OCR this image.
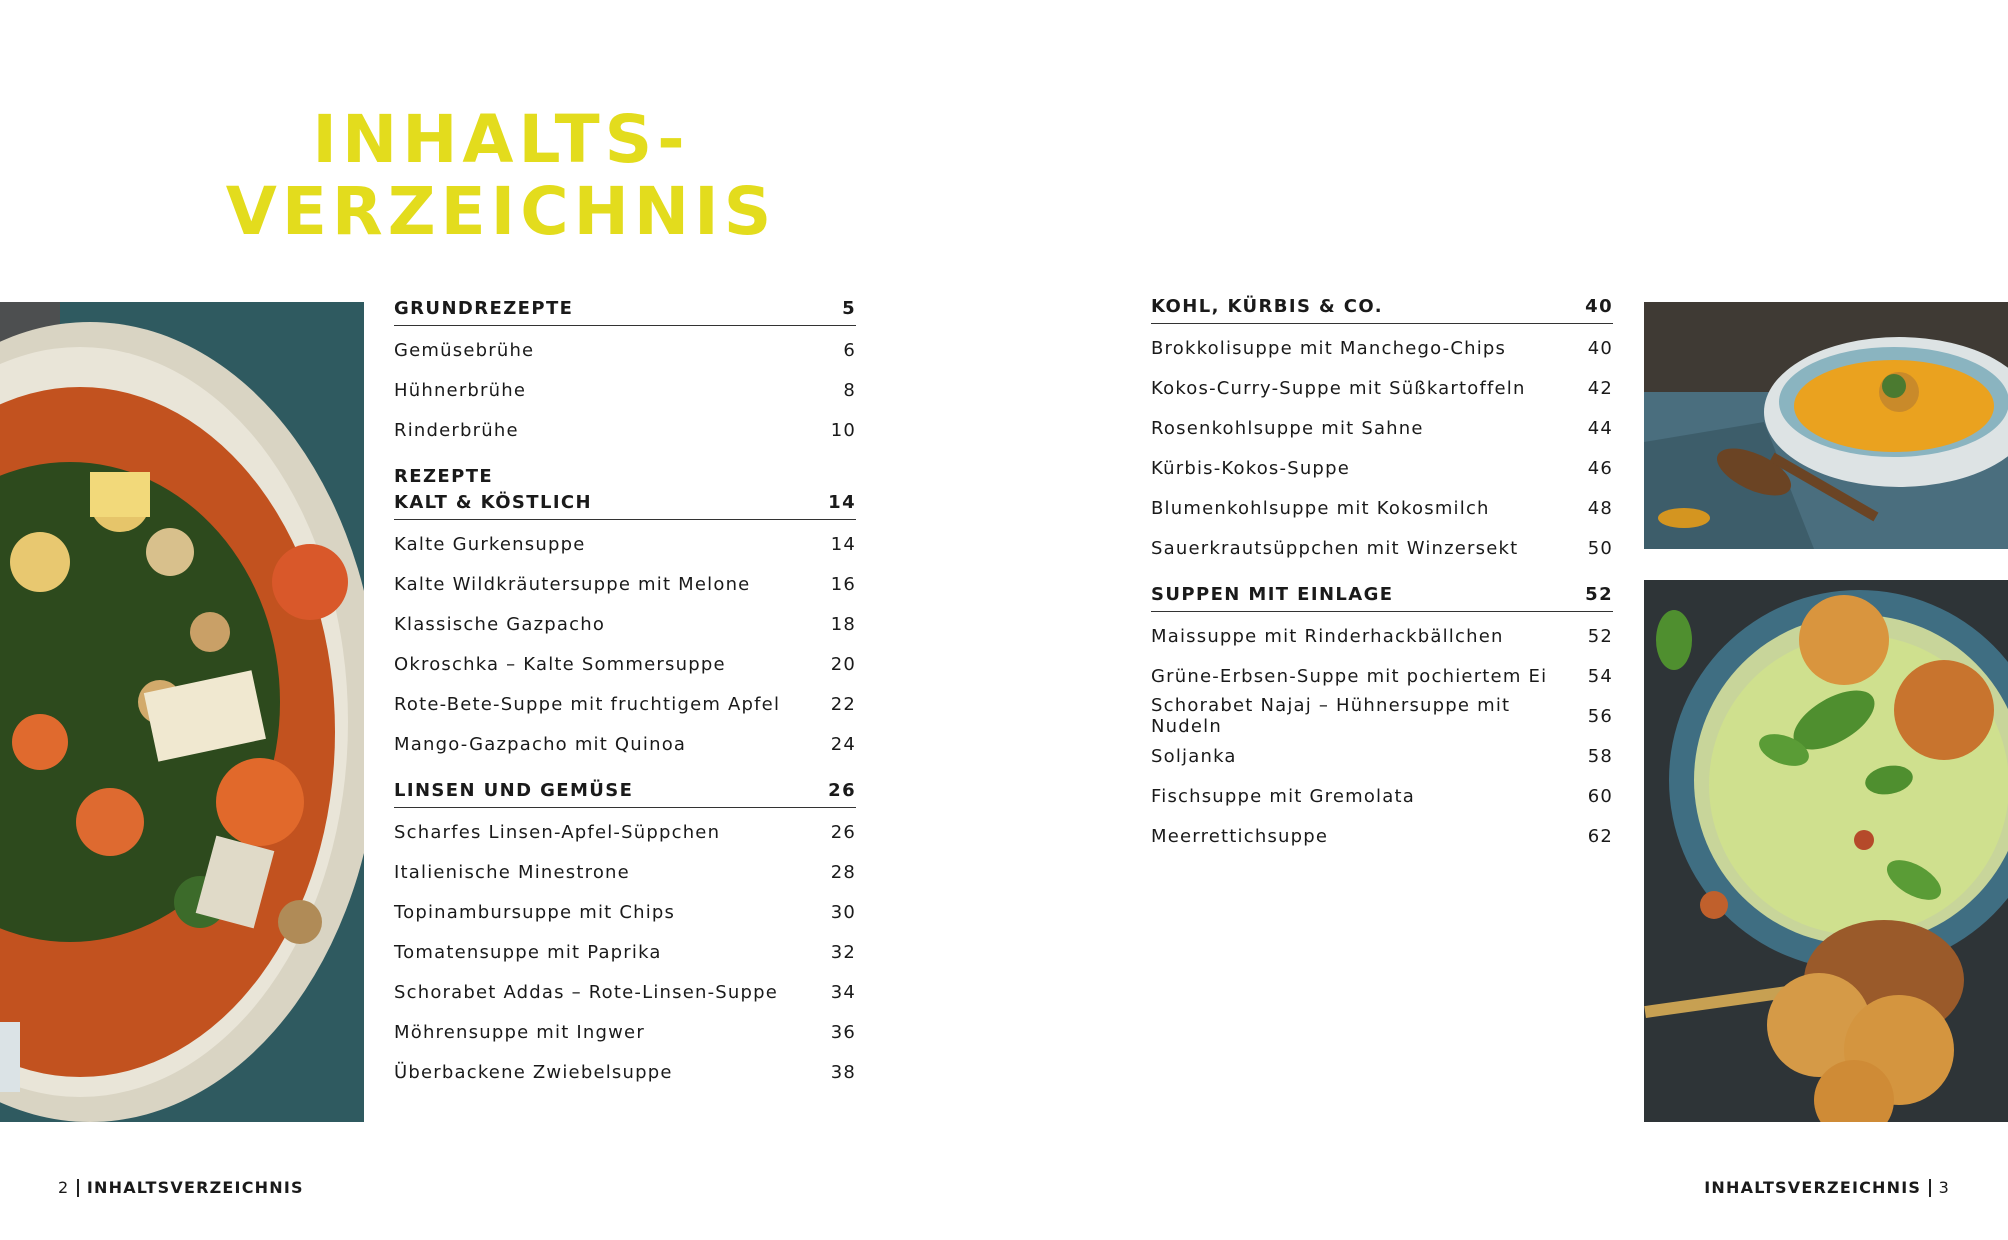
INHALTS-
VERZEICHNIS
GRUNDREZEPTE	5
Gemüsebrühe	6
Hühnerbrühe	8
Rinderbrühe	10
REZEPTE
KALT & KÖSTLICH	14
Kalte Gurkensuppe	14
Kalte Wildkräutersuppe mit Melone	16
Klassische Gazpacho	18
Okroschka – Kalte Sommersuppe	20
Rote-Bete-Suppe mit fruchtigem Apfel	22
Mango-Gazpacho mit Quinoa	24
LINSEN UND GEMÜSE	26
Scharfes Linsen-Apfel-Süppchen	26
Italienische Minestrone	28
Topinambursuppe mit Chips	30
Tomatensuppe mit Paprika	32
Schorabet Addas – Rote-Linsen-Suppe	34
Möhrensuppe mit Ingwer	36
Überbackene Zwiebelsuppe	38
KOHL, KÜRBIS & CO.	40
Brokkolisuppe mit Manchego-Chips	40
Kokos-Curry-Suppe mit Süßkartoffeln	42
Rosenkohlsuppe mit Sahne	44
Kürbis-Kokos-Suppe	46
Blumenkohlsuppe mit Kokosmilch	48
Sauerkrautsüppchen mit Winzersekt	50
SUPPEN MIT EINLAGE	52
Maissuppe mit Rinderhackbällchen	52
Grüne-Erbsen-Suppe mit pochiertem Ei 54
Schorabet Najaj – Hühnersuppe mit Nudeln	56
Soljanka	58
Fischsuppe mit Gremolata	60
Meerrettichsuppe	62
2 INHALTSVERZEICHNIS	INHALTSVERZEICHNIS 3
